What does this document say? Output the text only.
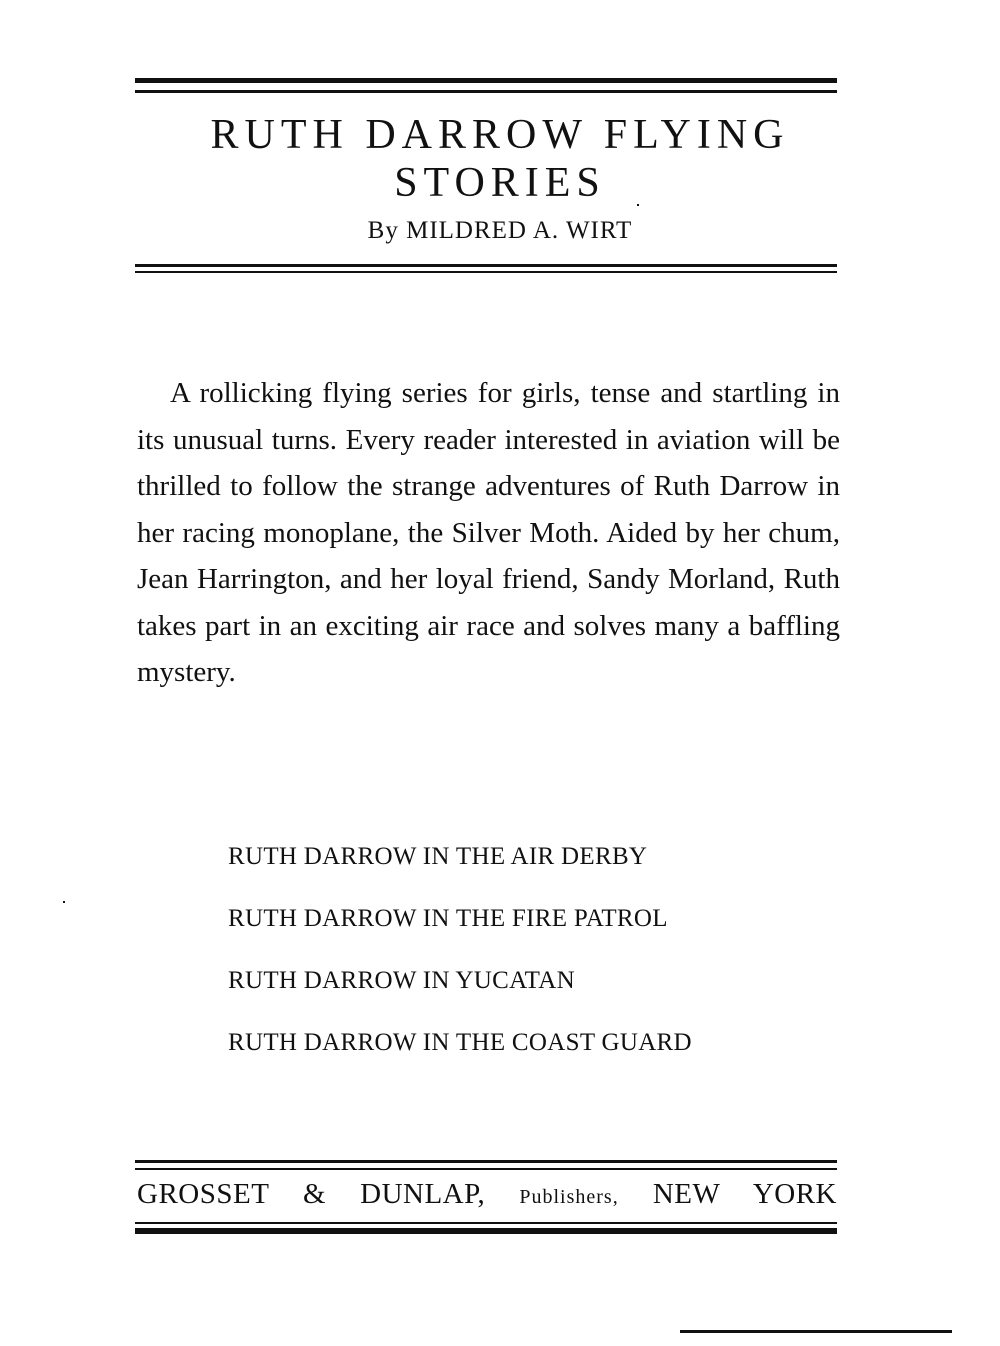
RUTH DARROW FLYING
STORIES
By MILDRED A. WIRT

A rollicking flying series for girls, tense and startling in its unusual turns. Every reader interested in aviation will be thrilled to follow the strange adventures of Ruth Darrow in her racing monoplane, the Silver Moth. Aided by her chum, Jean Harrington, and her loyal friend, Sandy Morland, Ruth takes part in an exciting air race and solves many a baffling mystery.

RUTH DARROW IN THE AIR DERBY
RUTH DARROW IN THE FIRE PATROL
RUTH DARROW IN YUCATAN
RUTH DARROW IN THE COAST GUARD
GROSSET & DUNLAP, Publishers, NEW YORK
